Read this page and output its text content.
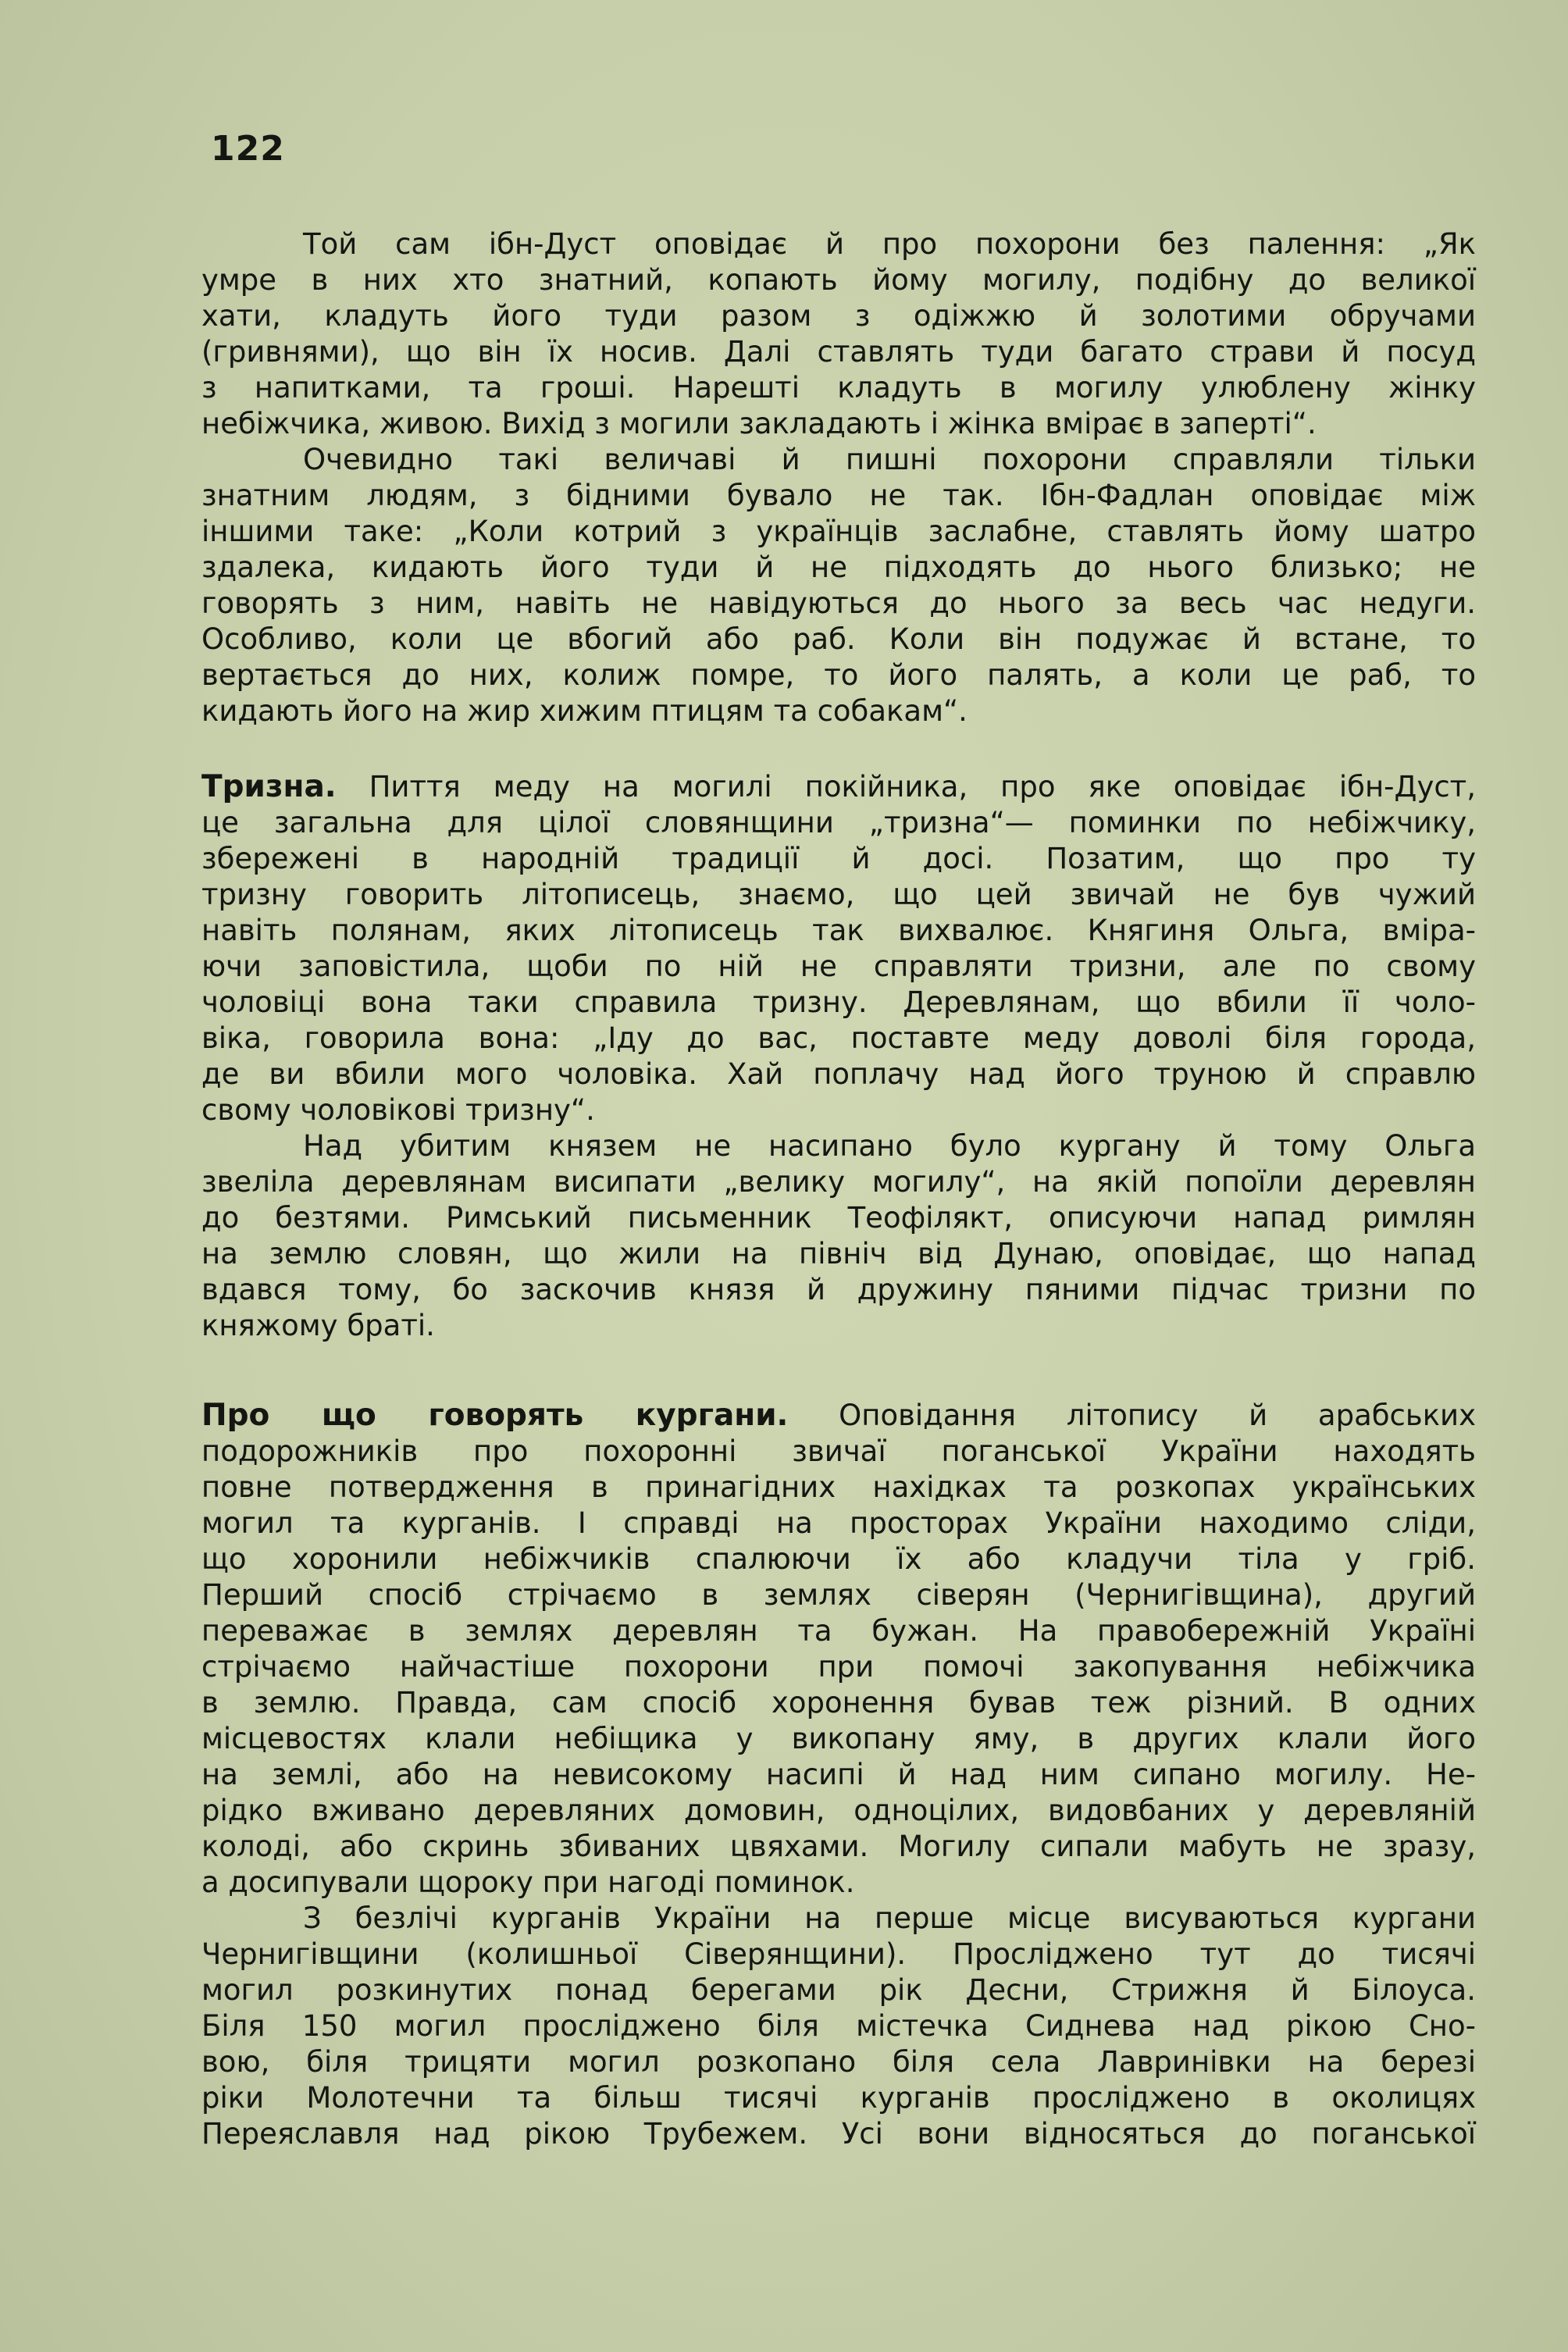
122
Той сам ібн-Дуст оповідає й про похорони без палення: „Як
умре в них хто знатний, копають йому могилу, подібну до великої
хати, кладуть його туди разом з одіжжю й золотими обручами
(гривнями), що він їх носив. Далі ставлять туди багато страви й посуд
з напитками, та гроші. Нарешті кладуть в могилу улюблену жінку
небіжчика, живою. Вихід з могили закладають і жінка вмірає в заперті“.
Очевидно такі величаві й пишні похорони справляли тільки
знатним людям, з бідними бувало не так. Ібн-Фадлан оповідає між
іншими таке: „Коли котрий з українців заслабне, ставлять йому шатро
здалека, кидають його туди й не підходять до нього близько; не
говорять з ним, навіть не навідуються до нього за весь час недуги.
Особливо, коли це вбогий або раб. Коли він подужає й встане, то
вертається до них, колиж помре, то його палять, а коли це раб, то
кидають його на жир хижим птицям та собакам“.
Тризна. Пиття меду на могилі покійника, про яке оповідає ібн-Дуст,
це загальна для цілої словянщини „тризна“— поминки по небіжчику,
збережені в народній традиції й досі. Позатим, що про ту
тризну говорить літописець, знаємо, що цей звичай не був чужий
навіть полянам, яких літописець так вихвалює. Княгиня Ольга, вміра-
ючи заповістила, щоби по ній не справляти тризни, але по свому
чоловіці вона таки справила тризну. Деревлянам, що вбили її чоло-
віка, говорила вона: „Іду до вас, поставте меду доволі біля города,
де ви вбили мого чоловіка. Хай поплачу над його труною й справлю
свому чоловікові тризну“.
Над убитим князем не насипано було кургану й тому Ольга
звеліла деревлянам висипати „велику могилу“, на якій попоїли деревлян
до безтями. Римський письменник Теофілякт, описуючи напад римлян
на землю словян, що жили на північ від Дунаю, оповідає, що напад
вдався тому, бо заскочив князя й дружину пяними підчас тризни по
княжому браті.
Про що говорять кургани. Оповідання літопису й арабських
подорожників про похоронні звичаї поганської України находять
повне потвердження в принагідних нахідках та розкопах українських
могил та курганів. І справді на просторах України находимо сліди,
що хоронили небіжчиків спалюючи їх або кладучи тіла у гріб.
Перший спосіб стрічаємо в землях сіверян (Чернигівщина), другий
переважає в землях деревлян та бужан. На правобережній Україні
стрічаємо найчастіше похорони при помочі закопування небіжчика
в землю. Правда, сам спосіб хоронення бував теж різний. В одних
місцевостях клали небіщика у викопану яму, в других клали його
на землі, або на невисокому насипі й над ним сипано могилу. Не-
рідко вживано деревляних домовин, одноцілих, видовбаних у деревляній
колоді, або скринь збиваних цвяхами. Могилу сипали мабуть не зразу,
а досипували щороку при нагоді поминок.
З безлічі курганів України на перше місце висуваються кургани
Чернигівщини (колишньої Сіверянщини). Просліджено тут до тисячі
могил розкинутих понад берегами рік Десни, Стрижня й Білоуса.
Біля 150 могил просліджено біля містечка Сиднева над рікою Сно-
вою, біля трицяти могил розкопано біля села Лавринівки на березі
ріки Молотечни та більш тисячі курганів просліджено в околицях
Переяславля над рікою Трубежем. Усі вони відносяться до поганської
